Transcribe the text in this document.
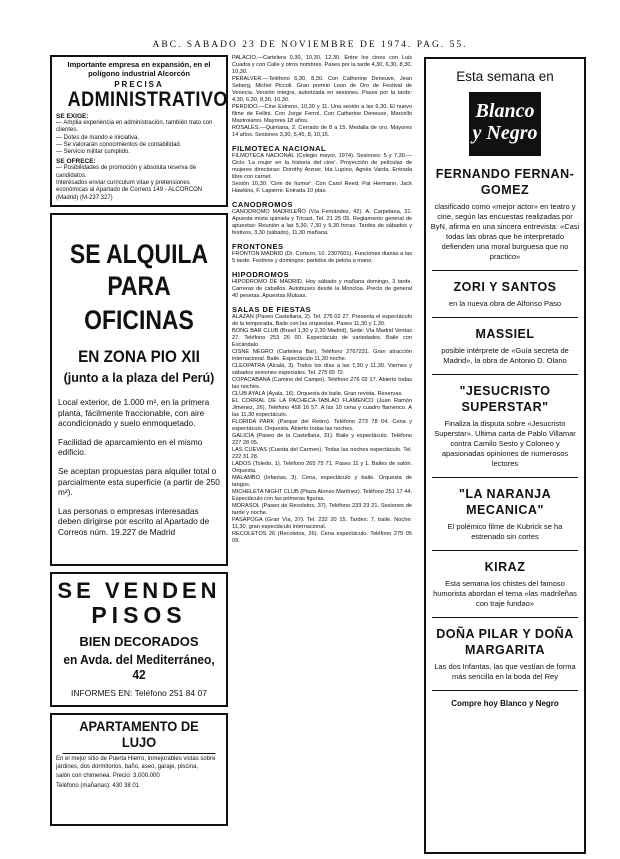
ABC. SABADO 23 DE NOVIEMBRE DE 1974. PAG. 55.
Importante empresa en expansión, en el polígono industrial Alcorcón
PRECISA
ADMINISTRATIVO
SE EXIGE:
— Amplia experiencia en administración, también trato con clientes.
— Dotes de mando e iniciativa.
— Se valorarán conocimientos de contabilidad.
— Servicio militar cumplido.
SE OFRECE:
— Posibilidades de promoción y absoluta reserva de candidatos.
Interesados enviar curriculum vitae y pretensiones económicas al Apartado de Correos 149 - ALCORCON (Madrid) (M-237.327)
SE ALQUILA
PARA OFICINAS
EN ZONA PIO XII
(junto a la plaza del Perú)
Local exterior, de 1.000 m², en la primera planta, fácilmente fraccionable, con aire acondicionado y suelo enmoquetado.
Facilidad de aparcamiento en el mismo edificio.
Se aceptan propuestas para alquiler total o parcialmente esta superficie (a partir de 250 m²).
Las personas o empresas interesadas deben dirigirse por escrito al Apartado de Correos núm. 19.227 de Madrid
SE VENDEN
PISOS
BIEN DECORADOS
en Avda. del Mediterráneo, 42
INFORMES EN: Teléfono 251 84 07
APARTAMENTO DE LUJO
En el mejor sitio de Puerta Hierro, inmejorables vistas sobre jardines, dos dormitorios, baño, aseo, garaje, piscina,
salón con chimenea. Precio: 3.000.000
Teléfono (mañanas): 430 38 01
PALACIO.—Cartelera 0,30, 10,30, 12,30. Entre los cines con Luis Cuadra y con Calle y otros nombres. Pases por la tarde 4,30, 6,30, 8,30, 10,30.
PERALVER.—Teléfono 6,30, 8,30. Con Catherine Deneuve, Jean Seberg, Michel Piccoli. Gran premio Leon de Oro de Festival de Venecia. Versión integra, autorizada en sesiones. Pases por la tarde: 4,30, 6,30, 8,30, 10,30.
PERDIDO.—Cine Estreno, 10,30 y 11. Una sesión a las 6,30. El nuevo filme de Fellini. Con Jorge Ferrol, Con Catherine Deneuve, Marcello Mastroianni. Mayores 18 años.
ROSALES.—Quintana, 2. Cerrado de 8 a 15. Medalla de oro. Mayores 14 años. Sesiones 3,30, 5,45, 8, 10,15.
FILMOTECA NACIONAL
FILMOTECA NACIONAL (Colegio mayor, 1974). Sesiones: 5 y 7,30.—Ciclo 'La mujer en la historia del cine'. Proyección de películas de mujeres directoras: Dorothy Arzner, Ida Lupino, Agnès Varda. Entrada libre con carnet.
Sesión 10,30: 'Cine de humor'. Con Carol Reed, Pat Hermann, Jack Hawkins, F. Lapierre. Entrada 10 ptas.
CANODROMOS
CANODROMO MADRILEÑO (Vía Fernández, 42). A. Carpetana, 31. Apuesta mixta quiniela y Tricast. Tel. 21 25 05. Reglamento general de apuestas: Reunión a las 5,30, 7,30 y 9,30 horas. Tardes de sábados y festivos, 3,30 (sábado), 11,30 mañana.
FRONTONES
FRONTON MADRID (Dr. Cortezo, 10. 2307601). Funciones diarias a las 5 tarde. Festivos y domingos: partidos de pelota a mano.
HIPODROMOS
HIPODROMO DE MADRID. Hoy sábado y mañana domingo, 3 tarde. Carreras de caballos. Autobuses desde la Moncloa. Precio de general 40 pesetas. Apuestas Mutuas.
SALAS DE FIESTAS
ALAZAN (Paseo Castellana, 2). Tel. 276 02 27. Presenta el espectáculo de la temporada. Baile con las orquestas. Pases 11,30 y 1,30.
BONG BAR CLUB (Brasil 1,30 y 2,30 Madrid), Sede: Vía Madrid Ventas 27. Teléfono 253 26 00. Espectáculo de variedades. Baile con Escándalo.
CISNE NEGRO (Cartelera Bar). Teléfono 2767231. Gran atracción internacional. Baile. Espectáculo 11,30 noche.
CLEOPATRA (Alcalá, 3). Todos los días a las 7,30 y 11,30. Viernes y sábados sesiones especiales. Tel. 275 65 72.
COPACABANA (Camino del Campo). Teléfono 276 02 17. Abierto todas las noches.
CLUB AYALA (Ayala, 16). Orquesta de baile. Gran revista. Reservas.
EL CORRAL DE LA PACHECA-TABLAO FLAMENCO (Juan Ramón Jiménez, 26). Teléfono 458 16 57. A las 10 cena y cuadro flamenco. A las 11,30 espectáculo.
FLORIDA PARK (Parque del Retiro). Teléfono 273 78 04. Cena y espectáculo. Orquesta. Abierto todas las noches.
GALICIA (Paseo de la Castellana, 31). Baile y espectáculo. Teléfono 227 28 05.
LAS CUEVAS (Cuesta del Carmen). Todas las noches espectáculo. Tel. 222 31 28.
LADOS (Toledo, 1). Teléfono 265 75 71. Pases 11 y 1. Bailes de salón. Orquesta.
MALAMBO (Infantas, 3). Cena, espectáculo y baile. Orquesta de tangos.
MICHELETA NIGHT CLUB (Plaza Alonso Martínez). Teléfono 251 17 44. Espectáculo con las primeras figuras.
MORASOL (Paseo de Recoletos, 37). Teléfono 233 23 21. Sesiones de tarde y noche.
PASAPOGA (Gran Vía, 37). Tel. 232 20 15. Tardes: 7, baile. Noche: 11,30, gran espectáculo internacional.
RECOLETOS 26 (Recoletos, 26). Cena espectáculo. Teléfono 275 05 09.
Esta semana en
Blanco
y Negro
FERNANDO FERNAN-GOMEZ
clasificado como «mejor actor» en teatro y cine, según las encuestas realizadas por ByN, afirma en una sincera entrevista: «Casi todas las obras que he interpretado defienden una moral burguesa que no practico»
ZORI Y SANTOS
en la nueva obra de Alfonso Paso
MASSIEL
posible intérprete de «Guía secreta de Madrid», la obra de Antonio D. Olano
"JESUCRISTO SUPERSTAR"
Finaliza la disputa sobre «Jesucristo Superstar». Ultima carta de Pablo Villamar contra Camilo Sesto y Coloneo y apasionadas opiniones de numerosos lectores
"LA NARANJA MECANICA"
El polémico filme de Kubrick se ha estrenado sin cortes
KIRAZ
Esta semana los chistes del famoso humorista abordan el tema «las madrileñas con traje fundao»
DOÑA PILAR Y DOÑA MARGARITA
Las dos Infantas, las que vestían de forma más sencilla en la boda del Rey
Compre hoy Blanco y Negro
